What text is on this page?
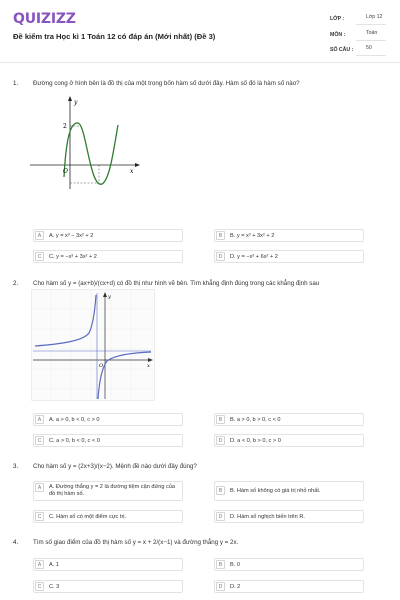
QUIZIZZ
Đề kiểm tra Học kì 1 Toán 12 có đáp án (Mới nhất) (Đề 3)
LỚP :	Lớp 12
MÔN :	Toán
SỐ CÂU :	50
1. Đường cong ở hình bên là đồ thị của một trong bốn hàm số dưới đây. Hàm số đó là hàm số nào?
y
x
O
2
A	A. y = x³ − 3x² + 2	B	B. y = x³ + 3x² + 2
C	C. y = −x³ + 3x² + 2	D	D. y = −x³ + 6x² + 2
2. Cho hàm số y = (ax+b)/(cx+d) có đồ thị như hình vẽ bên. Tìm khẳng định đúng trong các khẳng định sau
y
x
O
A	A. a > 0, b < 0, c > 0	B	B. a > 0, b > 0, c < 0
C	C. a > 0, b < 0, c < 0	D	D. a < 0, b > 0, c > 0
3. Cho hàm số y = (2x+3)/(x−2). Mệnh đề nào dưới đây đúng?
A	A. Đường thẳng y = 2 là đường tiệm cận đứng của đồ thị hàm số.	B	B. Hàm số không có giá trị nhỏ nhất.
C	C. Hàm số có một điểm cực trị.	D	D. Hàm số nghịch biến trên R.
4. Tìm số giao điểm của đồ thị hàm số y = x + 2/(x−1) và đường thẳng y = 2x.
A	A. 1	B	B. 0
C	C. 3	D	D. 2
